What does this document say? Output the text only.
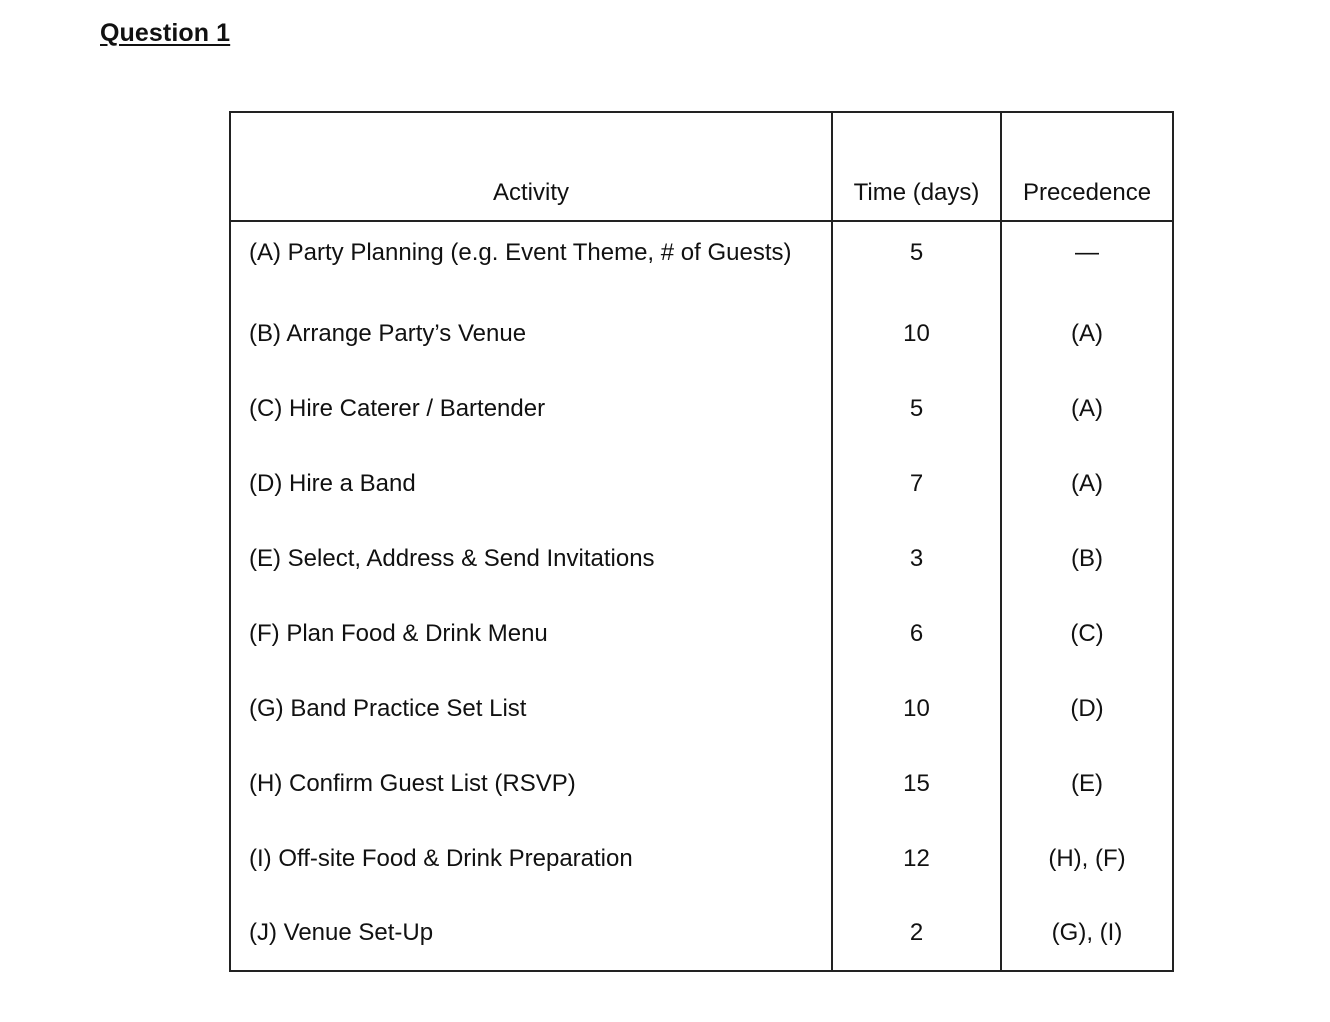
Question 1
Activity	Time (days)	Precedence
(A) Party Planning (e.g. Event Theme, # of Guests)	5	—
(B) Arrange Party’s Venue	10	(A)
(C) Hire Caterer / Bartender	5	(A)
(D) Hire a Band	7	(A)
(E) Select, Address & Send Invitations	3	(B)
(F) Plan Food & Drink Menu	6	(C)
(G) Band Practice Set List	10	(D)
(H) Confirm Guest List (RSVP)	15	(E)
(I) Off-site Food & Drink Preparation	12	(H), (F)
(J) Venue Set-Up	2	(G), (I)
